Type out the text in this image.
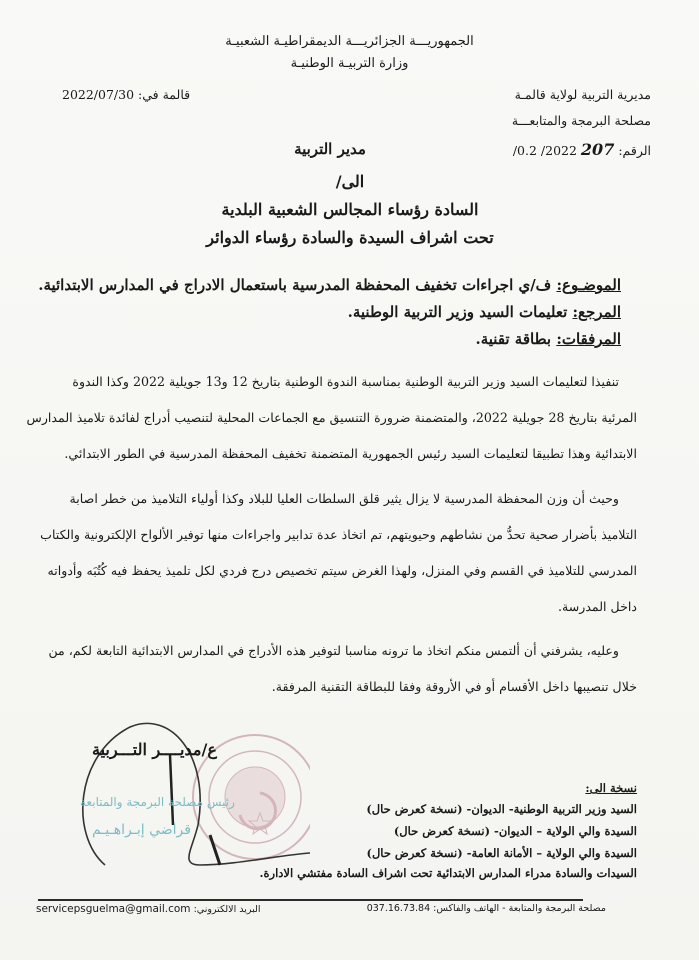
الجمهوريـــة الجزائريـــة الديمقراطيـة الشعبيـة
وزارة التربيـة الوطنيـة
مديرية التربية لولاية قالمـة
مصلحة البرمجة والمتابعـــة
الرقم: 207 /0.2 /2022
قالمة في: 2022/07/30
مدير التربية
الى/
السادة رؤساء المجالس الشعبية البلدية
تحت اشراف السيدة والسادة رؤساء الدوائر
الموضـوع: ف/ي اجراءات تخفيف المحفظة المدرسية باستعمال الادراج في المدارس الابتدائية.
المرجع: تعليمات السيد وزير التربية الوطنية.
المرفقات: بطاقة تقنية.
تنفيذا لتعليمات السيد وزير التربية الوطنية بمناسبة الندوة الوطنية بتاريخ 12 و13 جويلية 2022 وكذا الندوة
المرئية بتاريخ 28 جويلية 2022، والمتضمنة ضرورة التنسيق مع الجماعات المحلية لتنصيب أدراج لفائدة تلاميذ المدارس
الابتدائية وهذا تطبيقا لتعليمات السيد رئيس الجمهورية المتضمنة تخفيف المحفظة المدرسية في الطور الابتدائي.
وحيث أن وزن المحفظة المدرسية لا يزال يثير قلق السلطات العليا للبلاد وكذا أولياء التلاميذ من خطر اصابة
التلاميذ بأضرار صحية تحدُّ من نشاطهم وحيويتهم، تم اتخاذ عدة تدابير واجراءات منها توفير الألواح الإلكترونية والكتاب
المدرسي للتلاميذ في القسم وفي المنزل، ولهذا الغرض سيتم تخصيص درج فردي لكل تلميذ يحفظ فيه كُتُبَه وأدواته
داخل المدرسة.
وعليه، يشرفني أن ألتمس منكم اتخاذ ما ترونه مناسبا لتوفير هذه الأدراج في المدارس الابتدائية التابعة لكم، من
خلال تنصيبها داخل الأقسام أو في الأروقة وفقا للبطاقة التقنية المرفقة.
ع/مديــــر التـــربية
رئيس مصلحة البرمجة والمتابعة
قراضي إبـراهـيـم
نسخة الى:
السيد وزير التربية الوطنية- الديوان- (نسخة كعرض حال)
السيدة والي الولاية – الديوان- (نسخة كعرض حال)
السيدة والي الولاية – الأمانة العامة- (نسخة كعرض حال)
السيدات والسادة مدراء المدارس الابتدائية تحت اشراف السادة مفتشي الادارة.
مصلحة البرمجة والمتابعة - الهاتف والفاكس: 037.16.73.84
البريد الالكتروني: servicepsguelma@gmail.com
